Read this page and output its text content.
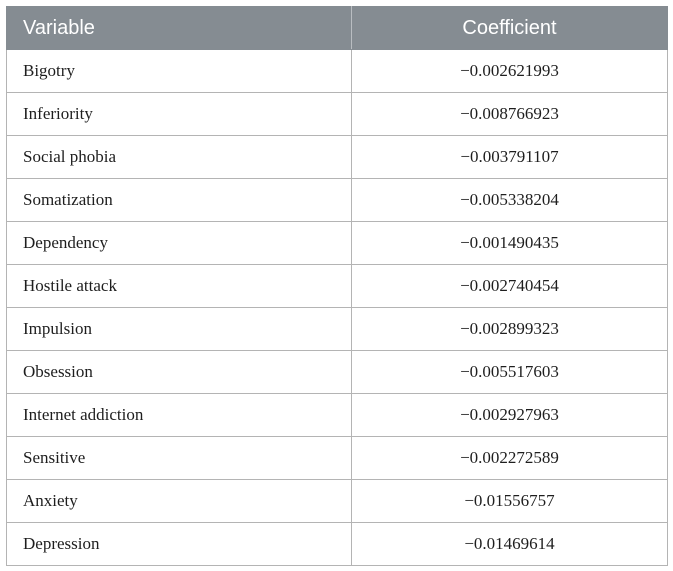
Variable	Coefficient
Bigotry	−0.002621993
Inferiority	−0.008766923
Social phobia	−0.003791107
Somatization	−0.005338204
Dependency	−0.001490435
Hostile attack	−0.002740454
Impulsion	−0.002899323
Obsession	−0.005517603
Internet addiction	−0.002927963
Sensitive	−0.002272589
Anxiety	−0.01556757
Depression	−0.01469614
